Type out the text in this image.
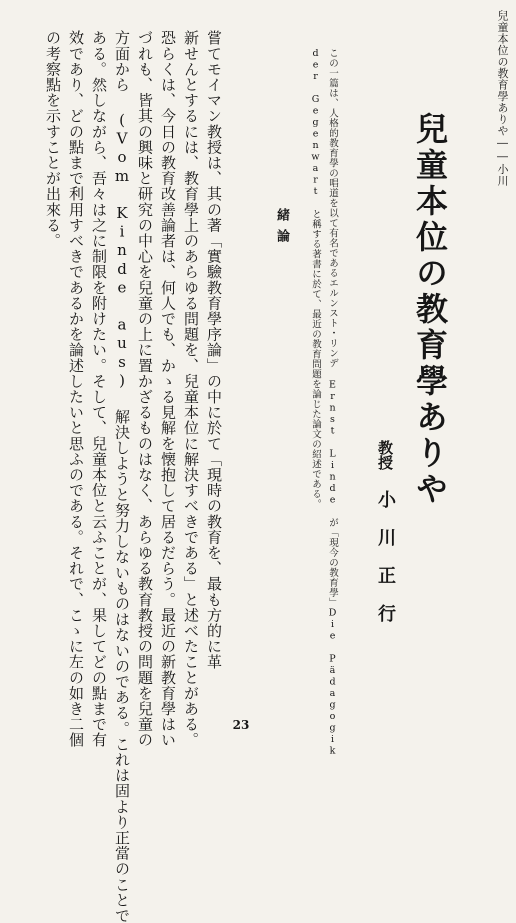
兒童本位の教育學ありや――小川
兒童本位の教育學ありや
この一篇は、人格的教育學の唱道を以て有名であるエルンスト・リンデ Ernst Linde が「現今の教育學」Die Pädagogik
der Gegenwart と稱する著書に於て、最近の教育問題を論じた論文の紹述である。	教授
小川正行
緒論
嘗てモイマン教授は、其の著「實驗教育學序論」の中に於て「現時の教育を、最も方的に革
新せんとするには、教育學上のあらゆる問題を、兒童本位に解決すべきである」と述べたことがある。
恐らくは、今日の教育改善論者は、何人でも、かゝる見解を懐抱して居るだらう。最近の新教育學はい
づれも、皆其の興味と研究の中心を兒童の上に置かざるものはなく、あらゆる教育教授の問題を兒童の
方面から (Vom Kinde aus) 解決しようと努力しないものはないのである。これは固より正當のことで
ある。然しながら、吾々は之に制限を附けたい。そして、兒童本位と云ふことが、果してどの點まで有
效であり、どの點まで利用すべきであるかを論述したいと思ふのである。それで、こゝに左の如き二個
の考察點を示すことが出來る。
23
